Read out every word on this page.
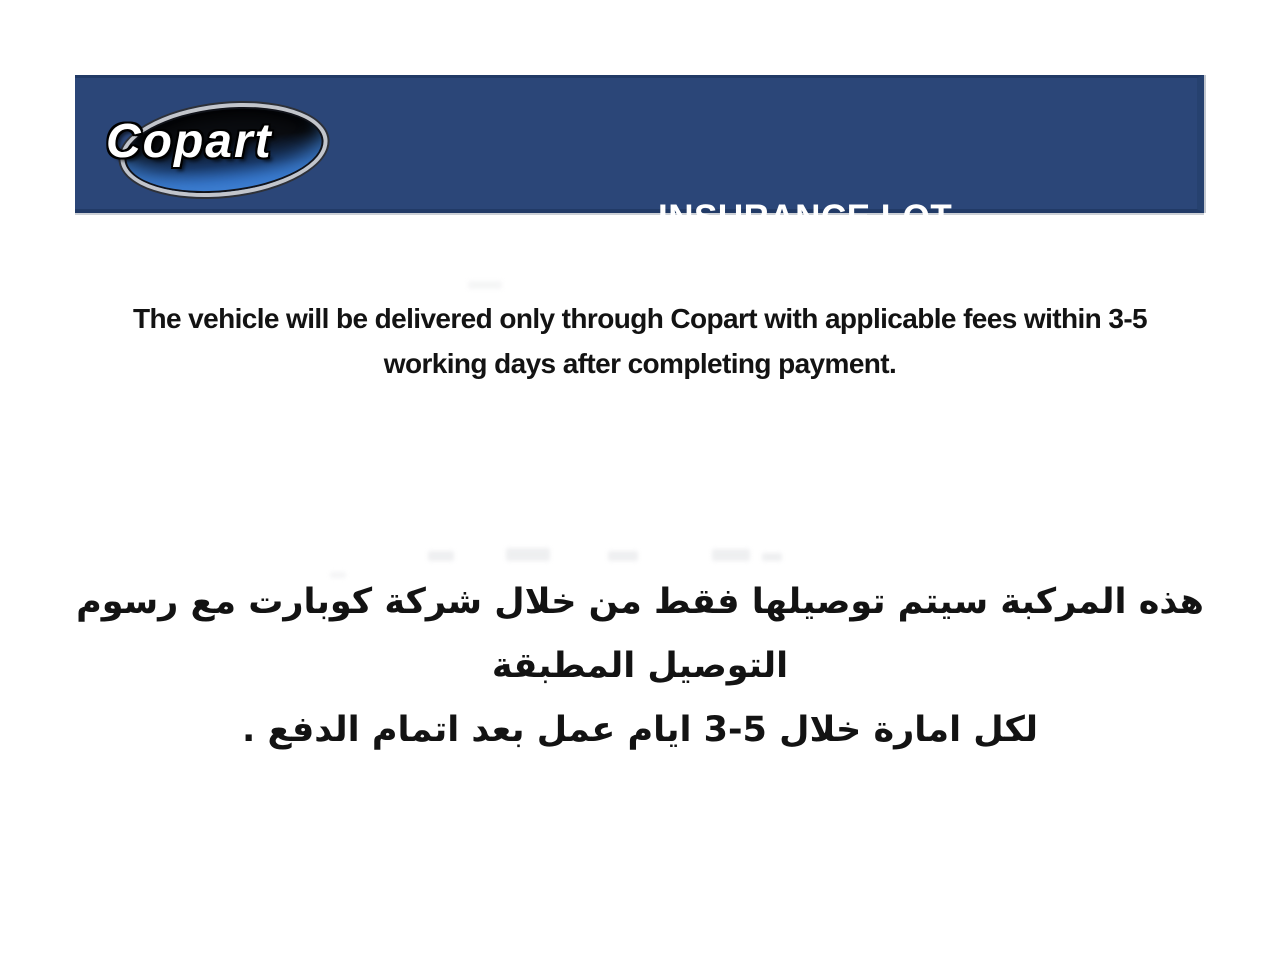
INSURANCE LOT
Copart
The vehicle will be delivered only through Copart with applicable fees within 3-5
working days after completing payment.
هذه المركبة سيتم توصيلها فقط من خلال شركة كوبارت مع رسوم التوصيل المطبقة
لكل امارة خلال 5-3 ايام عمل بعد اتمام الدفع .
